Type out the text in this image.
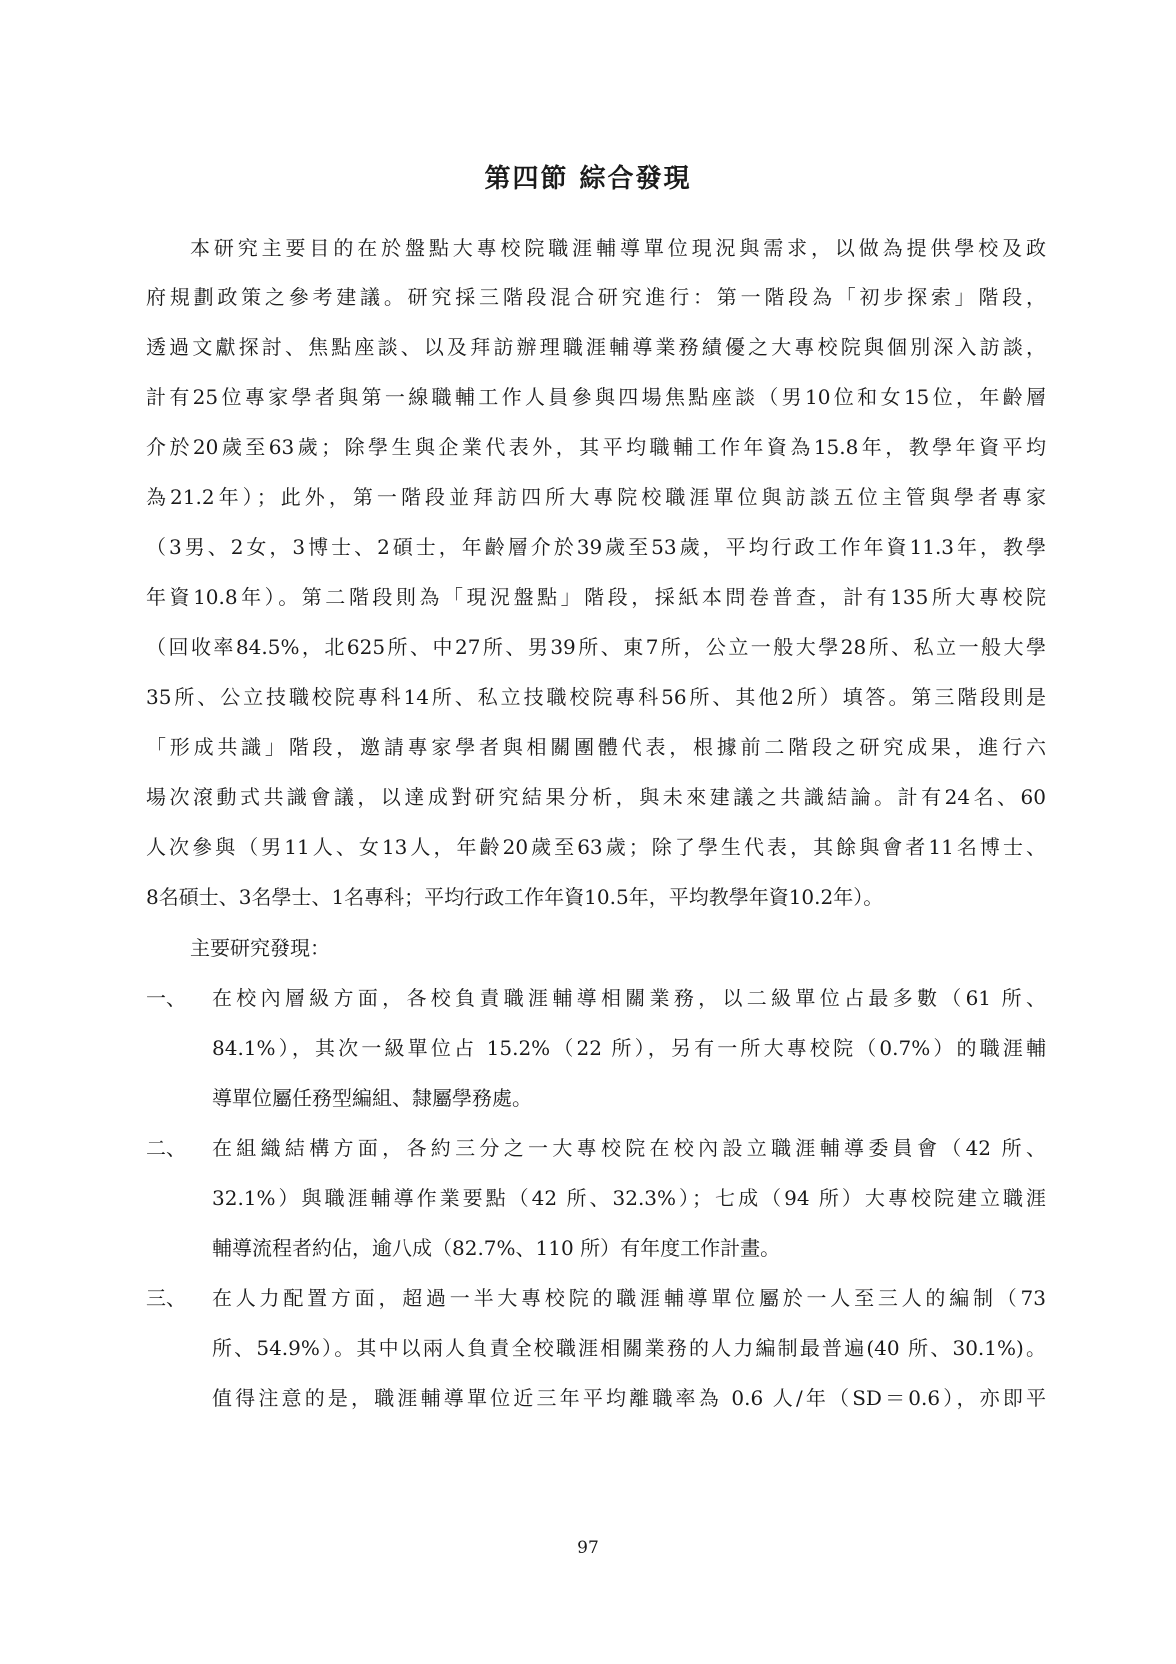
第四節 綜合發現
本研究主要目的在於盤點大專校院職涯輔導單位現況與需求，以做為提供學校及政
府規劃政策之參考建議。研究採三階段混合研究進行：第一階段為「初步探索」階段，
透過文獻探討、焦點座談、以及拜訪辦理職涯輔導業務績優之大專校院與個別深入訪談，
計有25位專家學者與第一線職輔工作人員參與四場焦點座談（男10位和女15位，年齡層
介於20歲至63歲；除學生與企業代表外，其平均職輔工作年資為15.8年，教學年資平均
為21.2年）；此外，第一階段並拜訪四所大專院校職涯單位與訪談五位主管與學者專家
（3男、2女，3博士、2碩士，年齡層介於39歲至53歲，平均行政工作年資11.3年，教學
年資10.8年）。第二階段則為「現況盤點」階段，採紙本問卷普查，計有135所大專校院
（回收率84.5%，北625所、中27所、男39所、東7所，公立一般大學28所、私立一般大學
35所、公立技職校院專科14所、私立技職校院專科56所、其他2所）填答。第三階段則是
「形成共識」階段，邀請專家學者與相關團體代表，根據前二階段之研究成果，進行六
場次滾動式共識會議，以達成對研究結果分析，與未來建議之共識結論。計有24名、60
人次參與（男11人、女13人，年齡20歲至63歲；除了學生代表，其餘與會者11名博士、
8名碩士、3名學士、1名專科；平均行政工作年資10.5年，平均教學年資10.2年）。
主要研究發現：
一、 在校內層級方面，各校負責職涯輔導相關業務，以二級單位占最多數（61 所、
84.1%），其次一級單位占 15.2%（22 所），另有一所大專校院（0.7%）的職涯輔
導單位屬任務型編組、隸屬學務處。
二、 在組織結構方面，各約三分之一大專校院在校內設立職涯輔導委員會（42 所、
32.1%）與職涯輔導作業要點（42 所、32.3%）；七成（94 所）大專校院建立職涯
輔導流程者約佔，逾八成（82.7%、110 所）有年度工作計畫。
三、 在人力配置方面，超過一半大專校院的職涯輔導單位屬於一人至三人的編制（73
所、54.9%）。其中以兩人負責全校職涯相關業務的人力編制最普遍(40 所、30.1%)。
值得注意的是，職涯輔導單位近三年平均離職率為 0.6 人/年（SD＝0.6），亦即平
97
